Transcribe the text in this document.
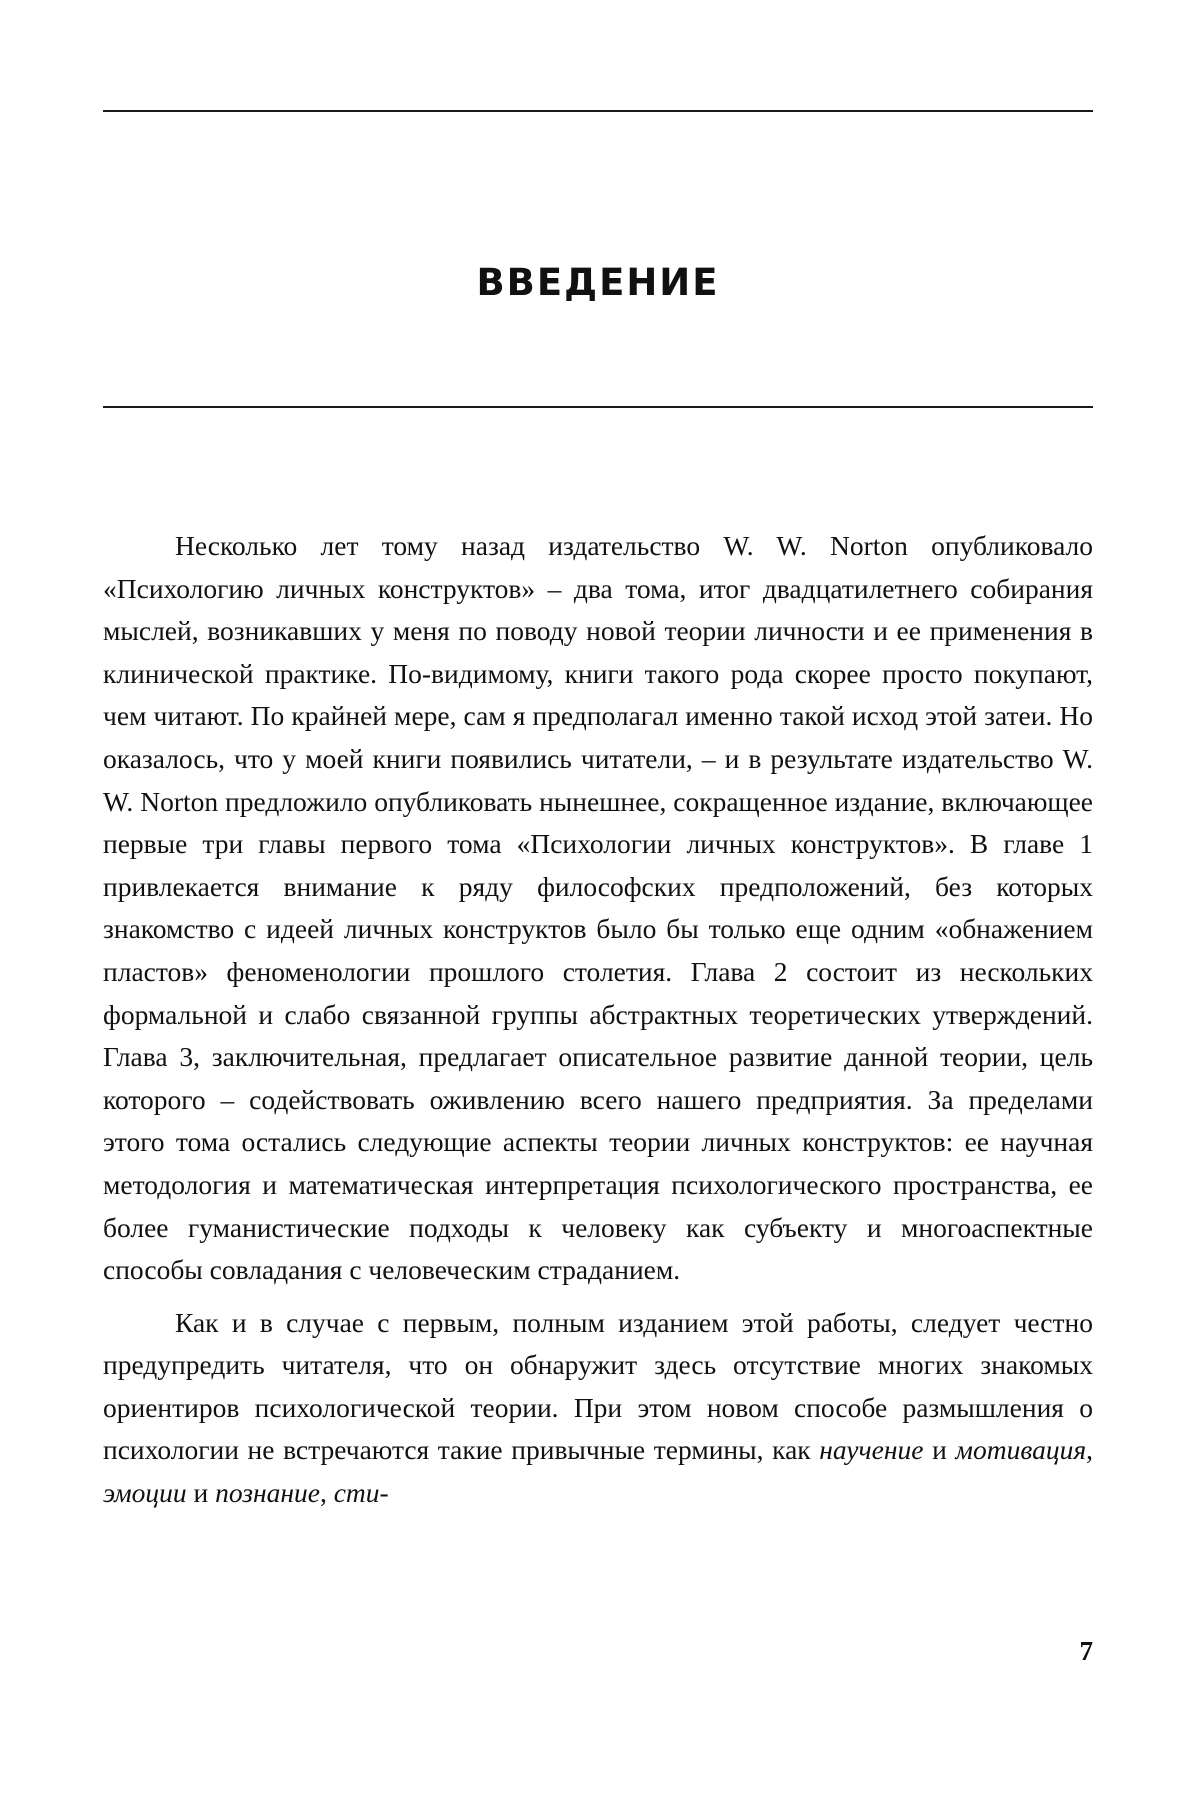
ВВЕДЕНИЕ

Несколько лет тому назад издательство W. W. Norton опубликовало «Психологию личных конструктов» – два тома, итог двадцатилетнего собирания мыслей, возникавших у меня по поводу новой теории личности и ее применения в клинической практике. По-видимому, книги такого рода скорее просто покупают, чем читают. По крайней мере, сам я предполагал именно такой исход этой затеи. Но оказалось, что у моей книги появились читатели, – и в результате издательство W. W. Norton предложило опубликовать нынешнее, сокращенное издание, включающее первые три главы первого тома «Психологии личных конструктов». В главе 1 привлекается внимание к ряду философских предположений, без которых знакомство с идеей личных конструктов было бы только еще одним «обнажением пластов» феноменологии прошлого столетия. Глава 2 состоит из нескольких формальной и слабо связанной группы абстрактных теоретических утверждений. Глава 3, заключительная, предлагает описательное развитие данной теории, цель которого – содействовать оживлению всего нашего предприятия. За пределами этого тома остались следующие аспекты теории личных конструктов: ее научная методология и математическая интерпретация психологического пространства, ее более гуманистические подходы к человеку как субъекту и многоаспектные способы совладания с человеческим страданием.

Как и в случае с первым, полным изданием этой работы, следует честно предупредить читателя, что он обнаружит здесь отсутствие многих знакомых ориентиров психологической теории. При этом новом способе размышления о психологии не встречаются такие привычные термины, как научение и мотивация, эмоции и познание, сти-

7
